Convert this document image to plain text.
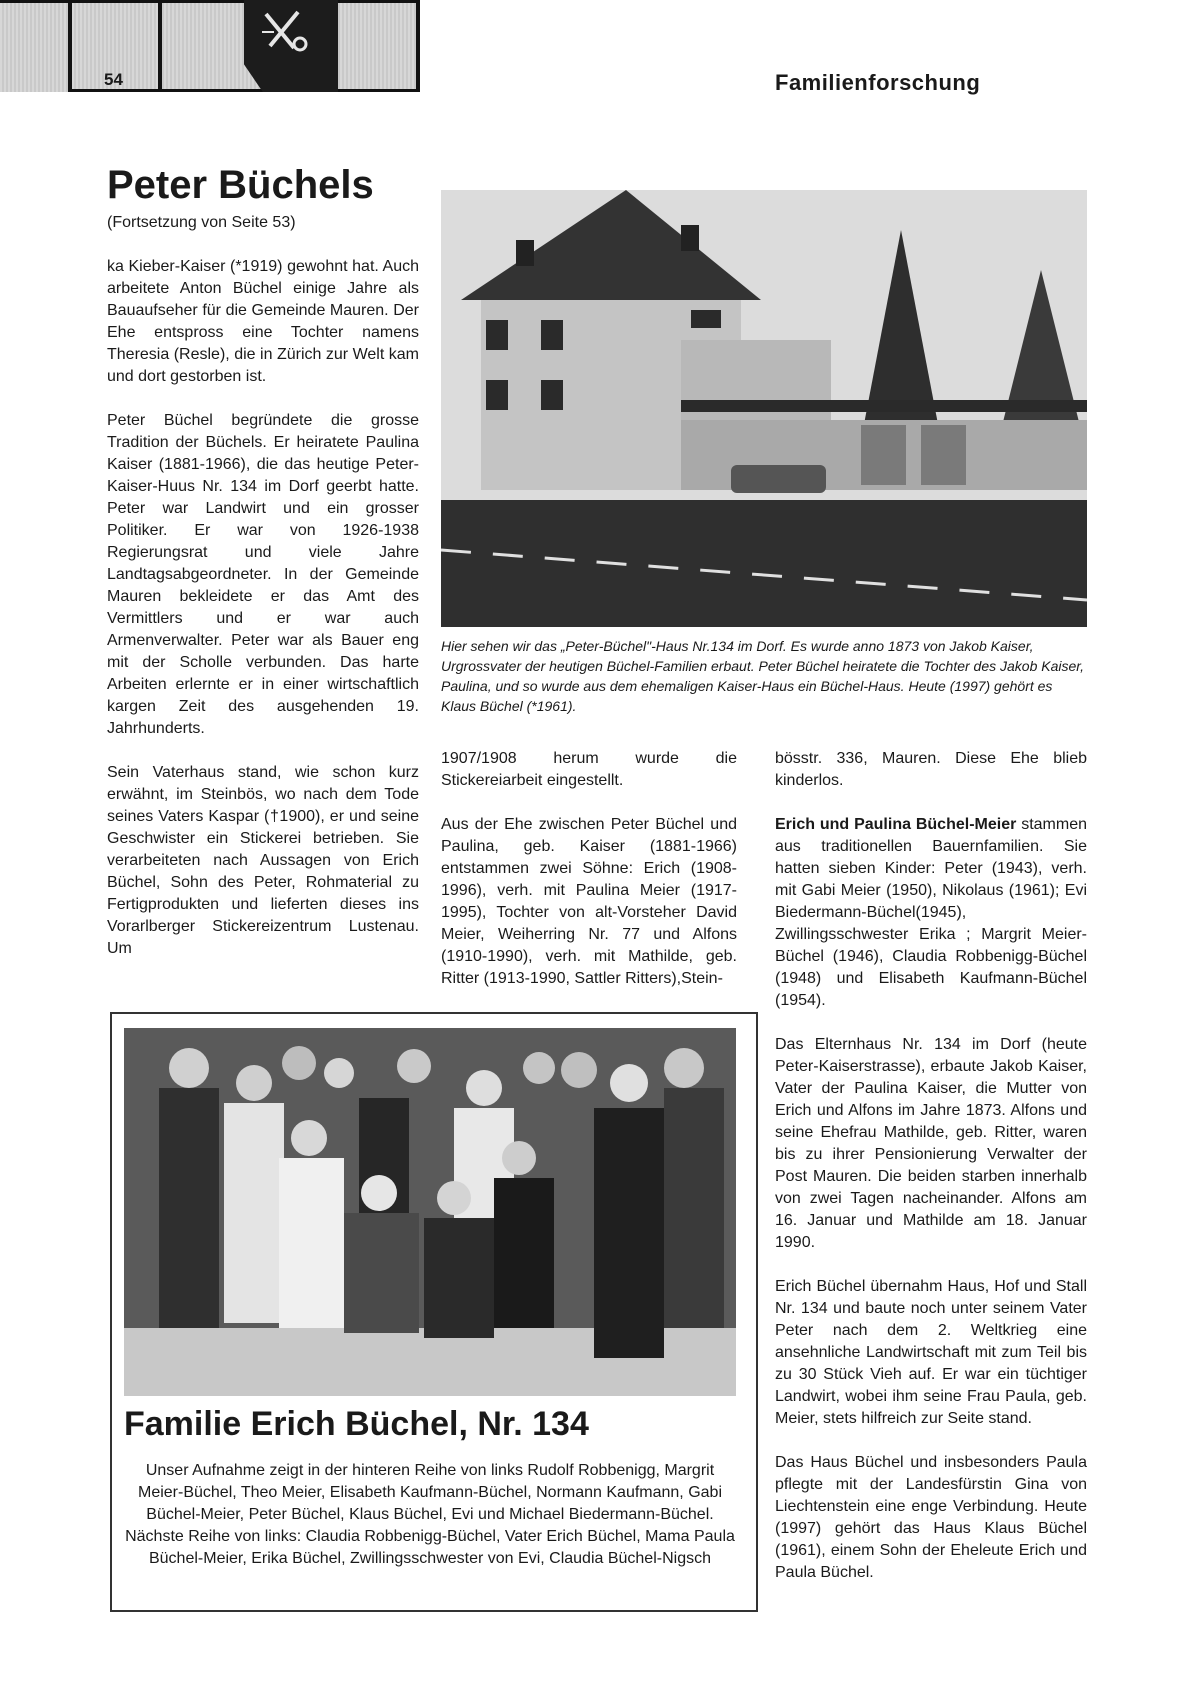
54	Familienforschung
Peter Büchels
(Fortsetzung von Seite 53)

ka Kieber-Kaiser (*1919) gewohnt hat. Auch arbeitete Anton Büchel einige Jahre als Bauaufseher für die Gemeinde Mauren. Der Ehe entspross eine Tochter namens Theresia (Resle), die in Zürich zur Welt kam und dort gestorben ist.

Peter Büchel begründete die grosse Tradition der Büchels. Er heiratete Paulina Kaiser (1881-1966), die das heutige Peter-Kaiser-Huus Nr. 134 im Dorf geerbt hatte. Peter war Landwirt und ein grosser Politiker. Er war von 1926-1938 Regierungsrat und viele Jahre Landtagsabgeordneter. In der Gemeinde Mauren bekleidete er das Amt des Vermittlers und er war auch Armenverwalter. Peter war als Bauer eng mit der Scholle verbunden. Das harte Arbeiten erlernte er in einer wirtschaftlich kargen Zeit des ausgehenden 19. Jahrhunderts.

Sein Vaterhaus stand, wie schon kurz erwähnt, im Steinbös, wo nach dem Tode seines Vaters Kaspar (†1900), er und seine Geschwister ein Stickerei betrieben. Sie verarbeiteten nach Aussagen von Erich Büchel, Sohn des Peter, Rohmaterial zu Fertigprodukten und lieferten dieses ins Vorarlberger Stickereizentrum Lustenau. Um

Hier sehen wir das „Peter-Büchel"-Haus Nr.134 im Dorf. Es wurde anno 1873 von Jakob Kaiser, Urgrossvater der heutigen Büchel-Familien erbaut. Peter Büchel heiratete die Tochter des Jakob Kaiser, Paulina, und so wurde aus dem ehemaligen Kaiser-Haus ein Büchel-Haus. Heute (1997) gehört es Klaus Büchel (*1961).

1907/1908 herum wurde die Stickereiarbeit eingestellt.

Aus der Ehe zwischen Peter Büchel und Paulina, geb. Kaiser (1881-1966) entstammen zwei Söhne: Erich (1908-1996), verh. mit Paulina Meier (1917-1995), Tochter von alt-Vorsteher David Meier, Weiherring Nr. 77 und Alfons (1910-1990), verh. mit Mathilde, geb. Ritter (1913-1990, Sattler Ritters),Stein-

bösstr. 336, Mauren. Diese Ehe blieb kinderlos.

Erich und Paulina Büchel-Meier stammen aus traditionellen Bauernfamilien. Sie hatten sieben Kinder: Peter (1943), verh. mit Gabi Meier (1950), Nikolaus (1961); Evi Biedermann-Büchel(1945), Zwillingsschwester Erika ; Margrit Meier-Büchel (1946), Claudia Robbenigg-Büchel (1948) und Elisabeth Kaufmann-Büchel (1954).

Das Elternhaus Nr. 134 im Dorf (heute Peter-Kaiserstrasse), erbaute Jakob Kaiser, Vater der Paulina Kaiser, die Mutter von Erich und Alfons im Jahre 1873. Alfons und seine Ehefrau Mathilde, geb. Ritter, waren bis zu ihrer Pensionierung Verwalter der Post Mauren. Die beiden starben innerhalb von zwei Tagen nacheinander. Alfons am 16. Januar und Mathilde am 18. Januar 1990.

Erich Büchel übernahm Haus, Hof und Stall Nr. 134 und baute noch unter seinem Vater Peter nach dem 2. Weltkrieg eine ansehnliche Landwirtschaft mit zum Teil bis zu 30 Stück Vieh auf. Er war ein tüchtiger Landwirt, wobei ihm seine Frau Paula, geb. Meier, stets hilfreich zur Seite stand.

Das Haus Büchel und insbesonders Paula pflegte mit der Landesfürstin Gina von Liechtenstein eine enge Verbindung. Heute (1997) gehört das Haus Klaus Büchel (1961), einem Sohn der Eheleute Erich und Paula Büchel.

Familie Erich Büchel, Nr. 134
Unser Aufnahme zeigt in der hinteren Reihe von links Rudolf Robbenigg, Margrit Meier-Büchel, Theo Meier, Elisabeth Kaufmann-Büchel, Normann Kaufmann, Gabi Büchel-Meier, Peter Büchel, Klaus Büchel, Evi und Michael Biedermann-Büchel. Nächste Reihe von links: Claudia Robbenigg-Büchel, Vater Erich Büchel, Mama Paula Büchel-Meier, Erika Büchel, Zwillingsschwester von Evi, Claudia Büchel-Nigsch
